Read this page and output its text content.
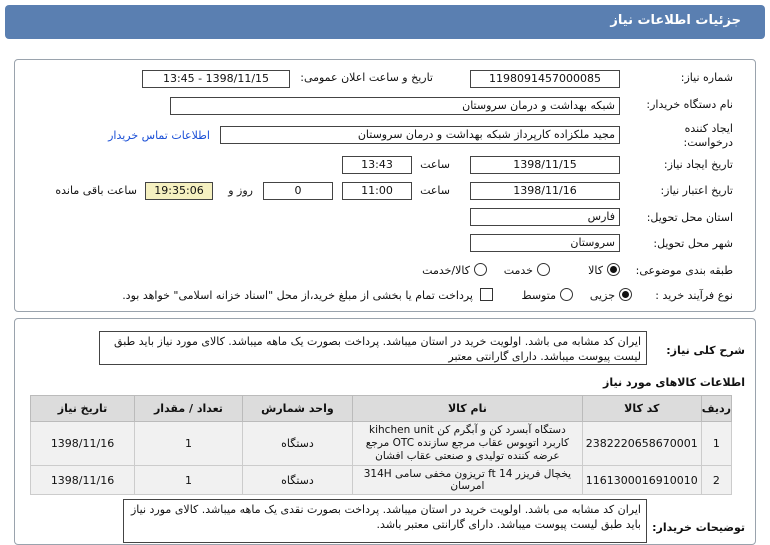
جزئیات اطلاعات نیاز
شماره نیاز:
1198091457000085
تاریخ و ساعت اعلان عمومی:
1398/11/15 - 13:45
نام دستگاه خریدار:
شبکه بهداشت و درمان سروستان
ایجاد کننده
درخواست:
مجید ملکزاده کارپرداز شبکه بهداشت و درمان سروستان
اطلاعات تماس خریدار
تاریخ ایجاد نیاز:
1398/11/15
ساعت
13:43
تاریخ اعتبار نیاز:
1398/11/16
ساعت
11:00
0
روز و
19:35:06
ساعت باقی مانده
استان محل تحویل:
فارس
شهر محل تحویل:
سروستان
طبقه بندی موضوعی:
کالا
خدمت
کالا/خدمت
نوع فرآیند خرید :
جزیی
متوسط
پرداخت تمام یا بخشی از مبلغ خرید،از محل "اسناد خزانه اسلامی" خواهد بود.
شرح کلی نیاز:
ایران کد مشابه می باشد. اولویت خرید در استان میباشد. پرداخت بصورت یک ماهه میباشد. کالای مورد نیاز باید طبق لیست پیوست میباشد. دارای گارانتی معتبر
اطلاعات کالاهای مورد نیاز
توضیحات خریدار:
ایران کد مشابه می باشد. اولویت خرید در استان میباشد. پرداخت بصورت نقدی یک ماهه میباشد. کالای مورد نیاز باید طبق لیست پیوست میباشد. دارای گارانتی معتبر باشد.
ردیف	کد کالا	نام کالا	واحد شمارش	تعداد / مقدار	تاریخ نیاز
1	2382220658670001	دستگاه آبسرد کن و آبگرم کن kihchen unit کاربرد اتوبوس عقاب مرجع سازنده OTC مرجع عرضه کننده تولیدی و صنعتی عقاب افشان	دستگاه	1	1398/11/16
2	1161300016910010	یخچال فریزر 14 ft تریزون مخفی سامی 314H امرسان	دستگاه	1	1398/11/16
